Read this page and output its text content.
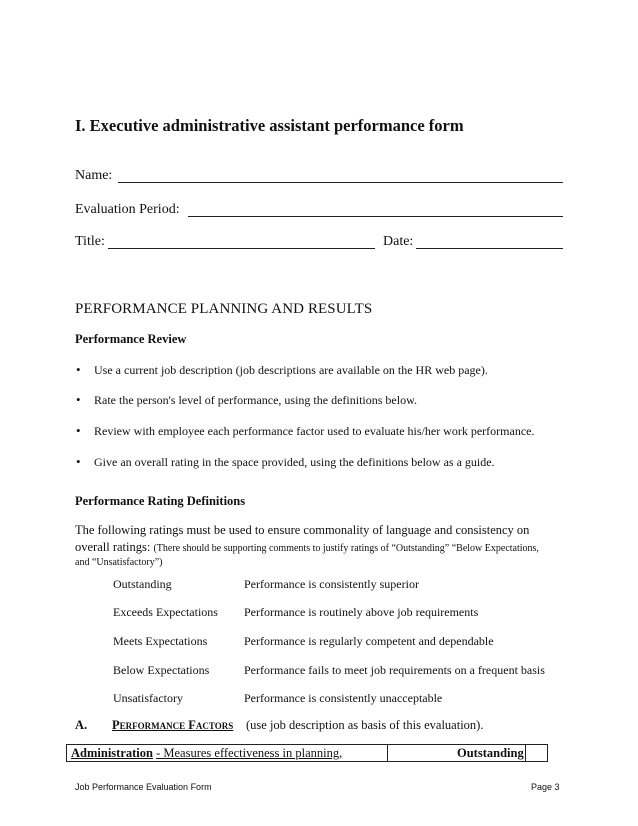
I. Executive administrative assistant performance form
Name:
Evaluation Period:
Title:	Date:
PERFORMANCE PLANNING AND RESULTS
Performance Review
• Use a current job description (job descriptions are available on the HR web page).
• Rate the person's level of performance, using the definitions below.
• Review with employee each performance factor used to evaluate his/her work performance.
• Give an overall rating in the space provided, using the definitions below as a guide.
Performance Rating Definitions
The following ratings must be used to ensure commonality of language and consistency on
overall ratings: (There should be supporting comments to justify ratings of “Outstanding” “Below Expectations,
and “Unsatisfactory”)
Outstanding	Performance is consistently superior
Exceeds Expectations Performance is routinely above job requirements
Meets Expectations	Performance is regularly competent and dependable
Below Expectations	Performance fails to meet job requirements on a frequent basis
Unsatisfactory	Performance is consistently unacceptable
A. Performance Factors (use job description as basis of this evaluation).
Administration - Measures effectiveness in planning,	Outstanding
Job Performance Evaluation Form	Page 3
